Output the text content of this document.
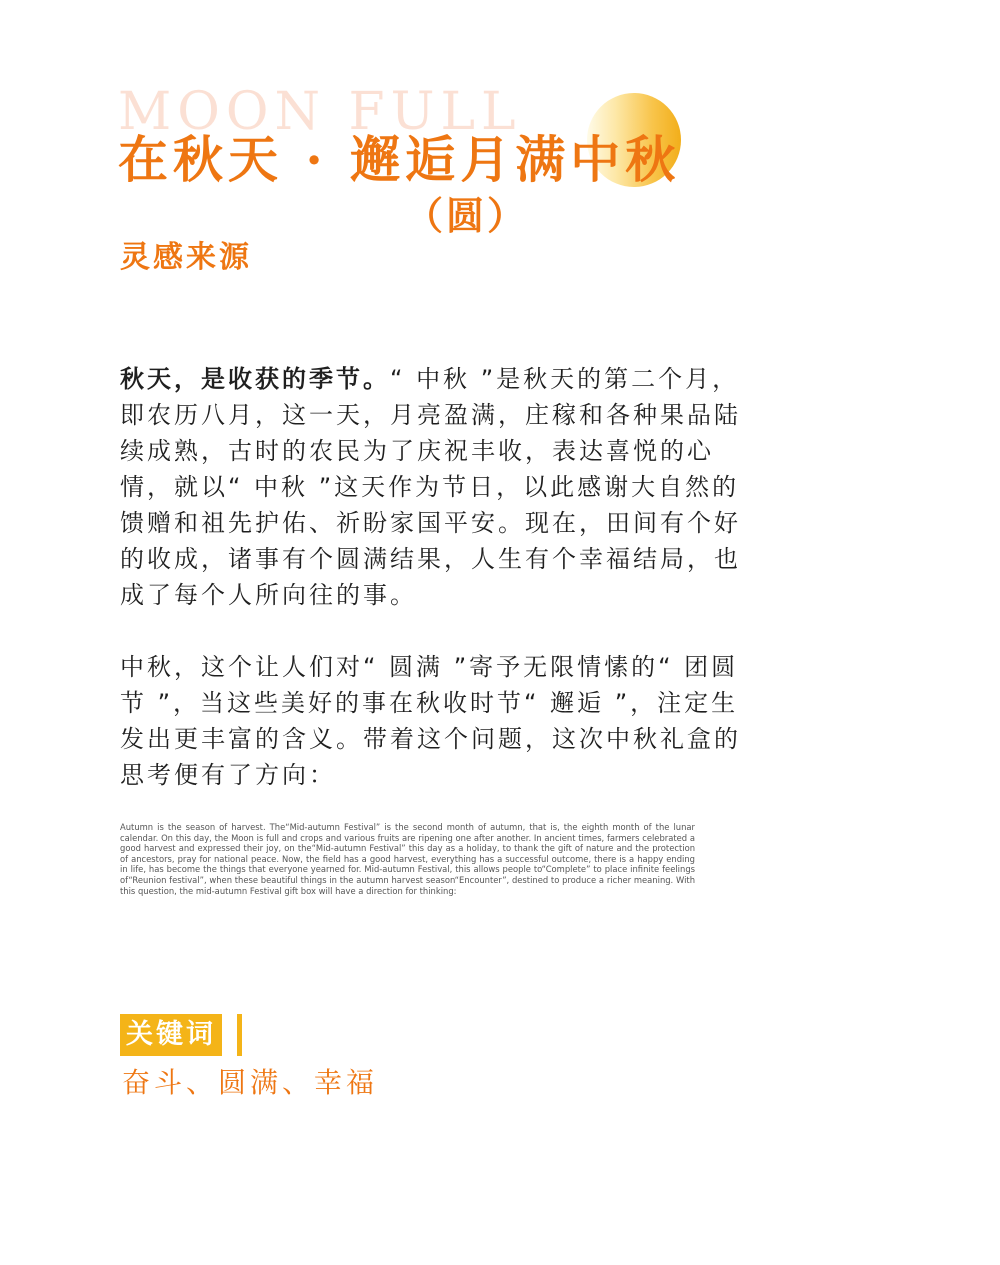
MOON FULL
在秋天 · 邂逅月满中秋
（圆）
灵感来源

秋天，是收获的季节。“ 中秋 ”是秋天的第二个月，即农历八月，这一天，月亮盈满，庄稼和各种果品陆续成熟，古时的农民为了庆祝丰收，表达喜悦的心情，就以“ 中秋 ”这天作为节日，以此感谢大自然的馈赠和祖先护佑、祈盼家国平安。现在，田间有个好的收成，诸事有个圆满结果，人生有个幸福结局，也成了每个人所向往的事。

中秋，这个让人们对“ 圆满 ”寄予无限情愫的“ 团圆节 ”，当这些美好的事在秋收时节“ 邂逅 ”，注定生发出更丰富的含义。带着这个问题，这次中秋礼盒的思考便有了方向：

Autumn is the season of harvest. The“Mid-autumn Festival” is the second month of autumn, that is, the eighth month of the lunar calendar. On this day, the Moon is full and crops and various fruits are ripening one after another. In ancient times, farmers celebrated a good harvest and expressed their joy, on the“Mid-autumn Festival” this day as a holiday, to thank the gift of nature and the protection of ancestors, pray for national peace. Now, the field has a good harvest, everything has a successful outcome, there is a happy ending in life, has become the things that everyone yearned for. Mid-autumn Festival, this allows people to“Complete” to place infinite feelings of“Reunion festival”, when these beautiful things in the autumn harvest season“Encounter”, destined to produce a richer meaning. With this question, the mid-autumn Festival gift box will have a direction for thinking:

关键词
奋斗、圆满、幸福
